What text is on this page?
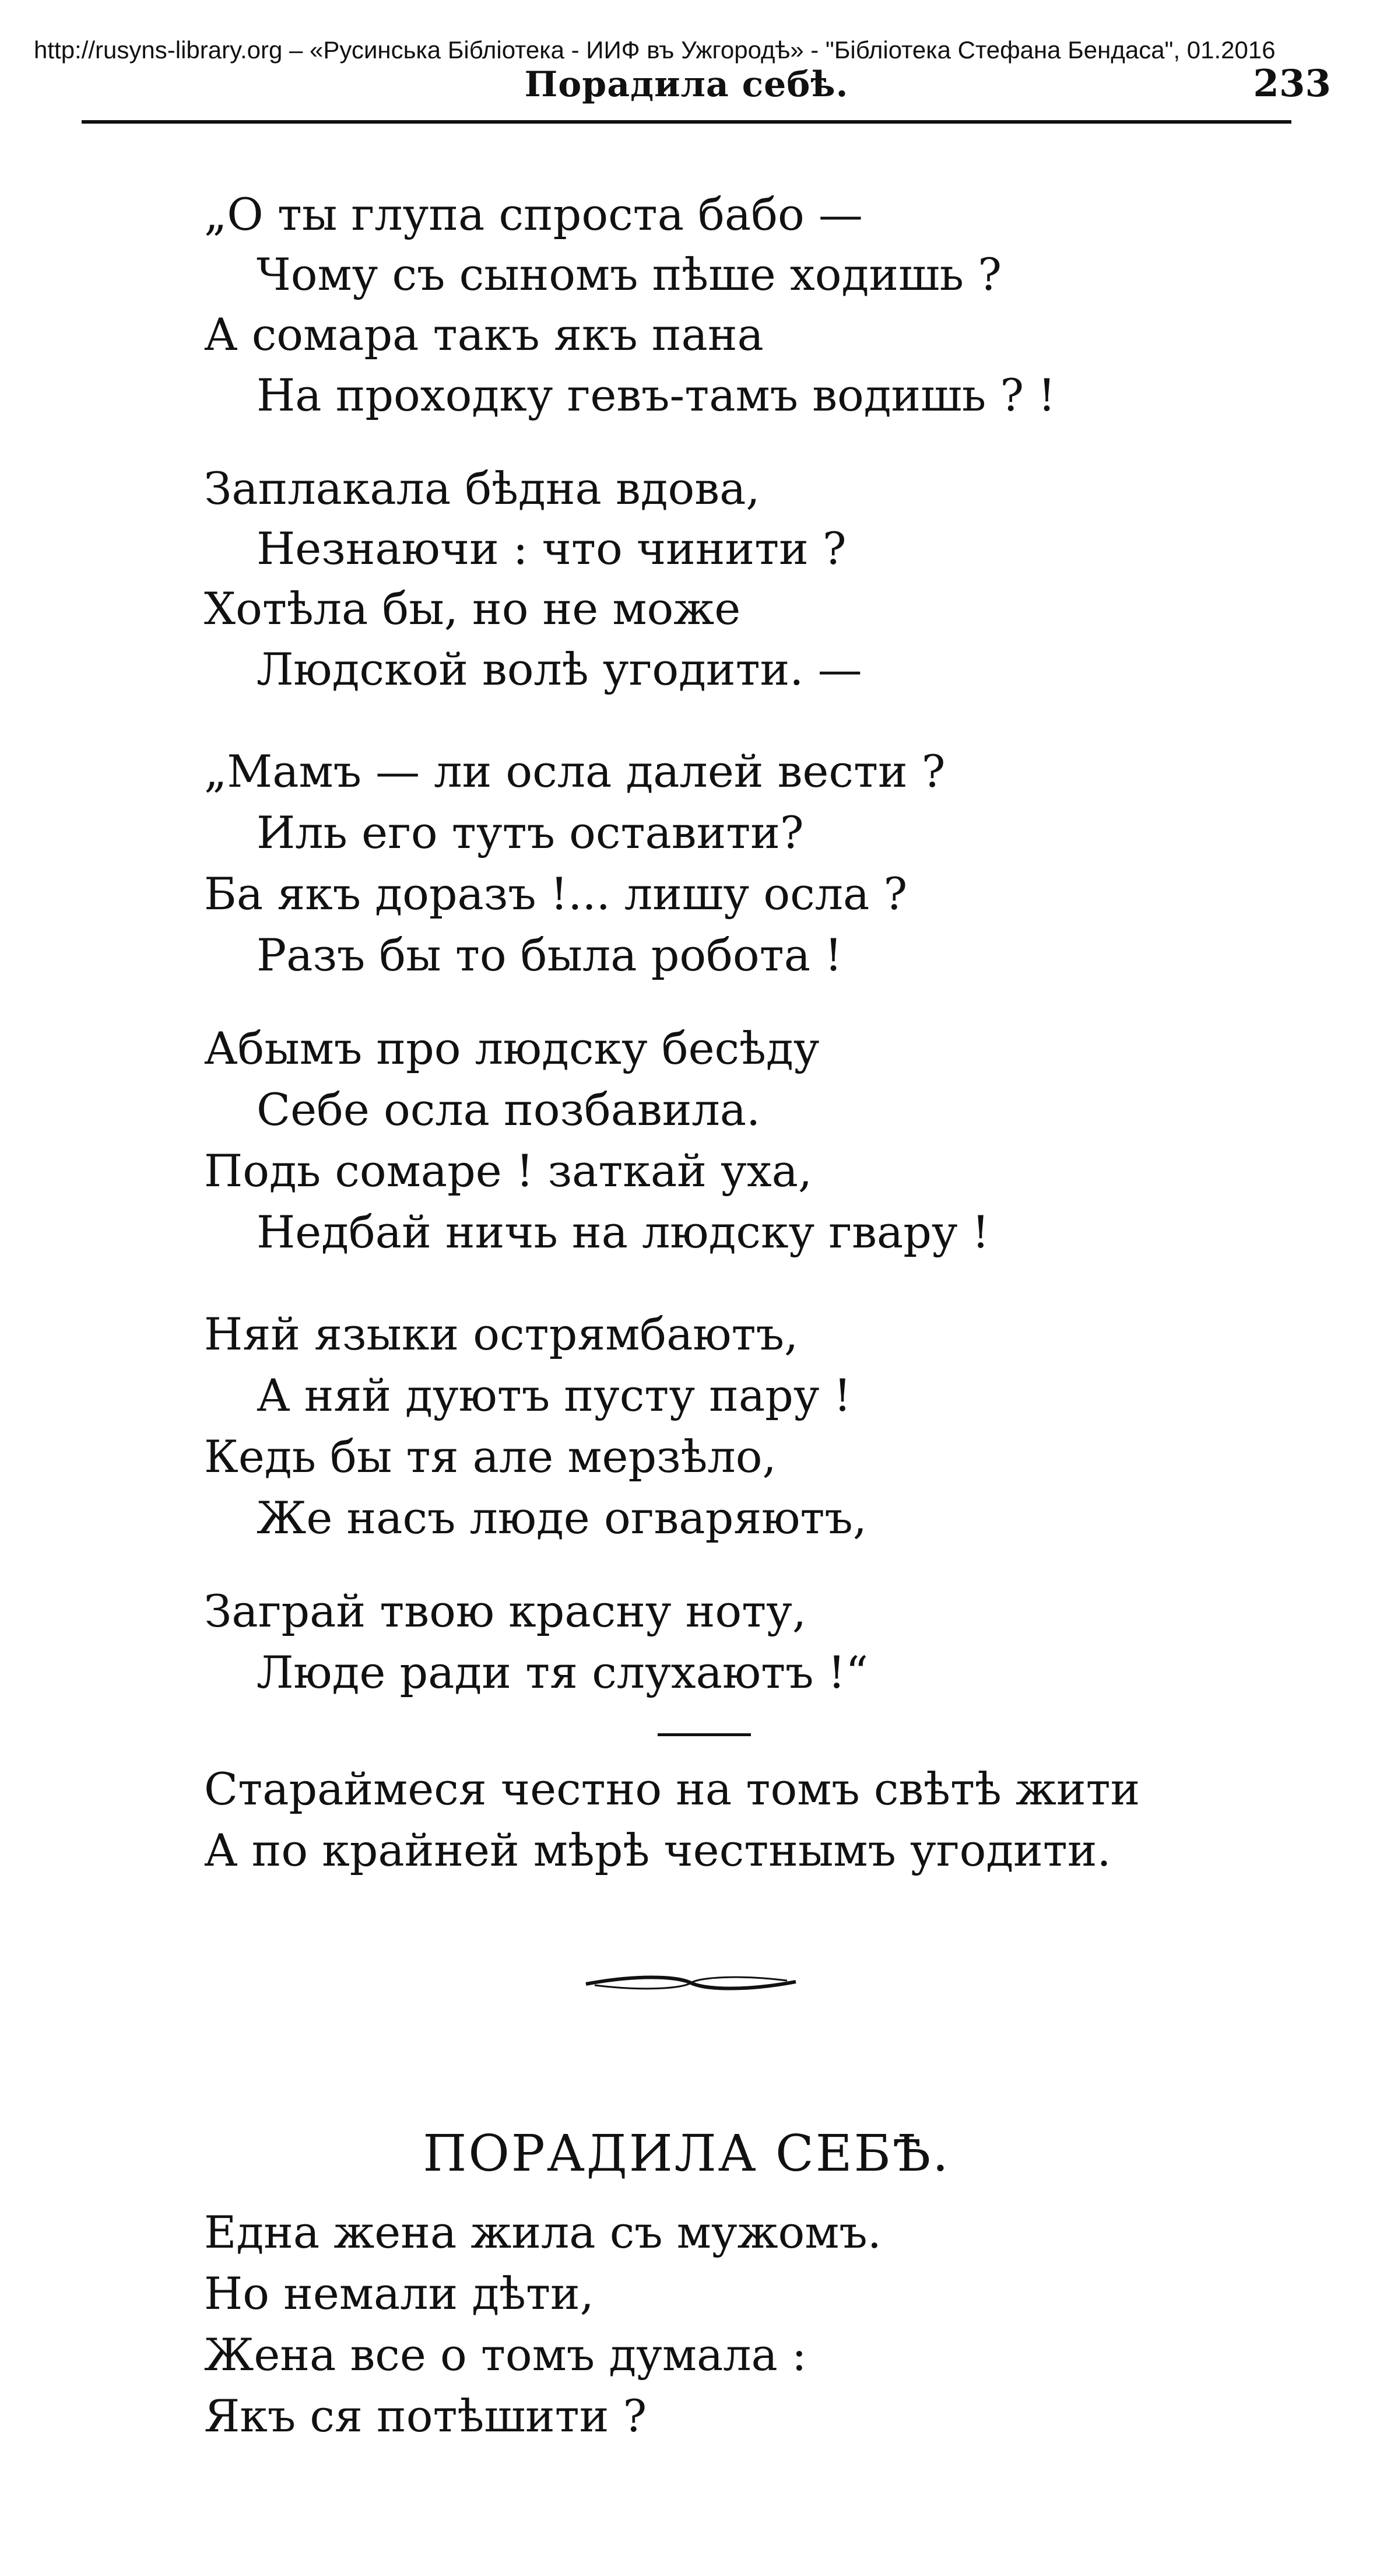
http://rusyns-library.org – «Русинська Бібліотека - ИИФ въ Ужгородѣ» - "Бібліотека Стефана Бендаса", 01.2016
Порадила себѣ.	233
„О ты глупа спроста бабо —
Чому съ сыномъ пѣше ходишь ?
А сомара такъ якъ пана
На проходку гевъ-тамъ водишь ? !
Заплакала бѣдна вдова,
Незнаючи : что чинити ?
Хотѣла бы, но не може
Людской волѣ угодити. —
„Мамъ — ли осла далей вести ?
Иль его тутъ оставити?
Ба якъ доразъ !... лишу осла ?
Разъ бы то была робота !
Абымъ про людску бесѣду
Себе осла позбавила.
Подь сомаре ! заткай уха,
Недбай ничь на людску гвару !
Няй языки острямбаютъ,
А няй дуютъ пусту пару !
Кедь бы тя але мерзѣло,
Же насъ люде огваряютъ,
Заграй твою красну ноту,
Люде ради тя слухаютъ !“
Стараймеся честно на томъ свѣтѣ жити
А по крайней мѣрѣ честнымъ угодити.
ПОРАДИЛА СЕБѢ.
Една жена жила съ мужомъ.
Но немали дѣти,
Жена все о томъ думала :
Якъ ся потѣшити ?
